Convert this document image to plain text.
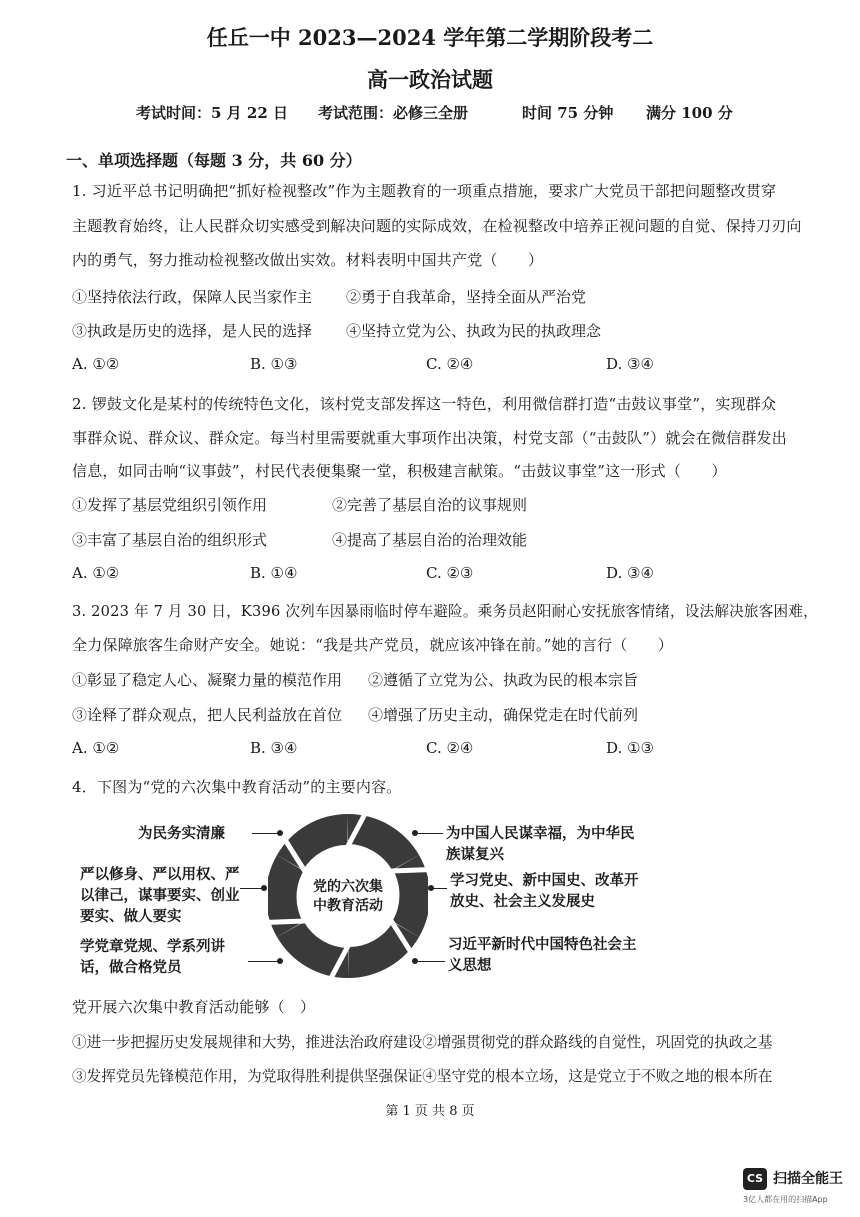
任丘一中 2023—2024 学年第二学期阶段考二
高一政治试题
考试时间：5 月 22 日 考试范围：必修三全册	时间 75 分钟 满分 100 分
一、单项选择题（每题 3 分，共 60 分）
1. 习近平总书记明确把“抓好检视整改”作为主题教育的一项重点措施，要求广大党员干部把问题整改贯穿
主题教育始终，让人民群众切实感受到解决问题的实际成效，在检视整改中培养正视问题的自觉、保持刀刃向
内的勇气，努力推动检视整改做出实效。材料表明中国共产党（　　）
①坚持依法行政，保障人民当家作主 ②勇于自我革命，坚持全面从严治党
③执政是历史的选择，是人民的选择 ④坚持立党为公、执政为民的执政理念
A. ①②	B. ①③	C. ②④	D. ③④
2. 锣鼓文化是某村的传统特色文化，该村党支部发挥这一特色，利用微信群打造“击鼓议事堂”，实现群众
事群众说、群众议、群众定。每当村里需要就重大事项作出决策，村党支部（“击鼓队”）就会在微信群发出
信息，如同击响“议事鼓”，村民代表便集聚一堂，积极建言献策。“击鼓议事堂”这一形式（　　）
①发挥了基层党组织引领作用	②完善了基层自治的议事规则
③丰富了基层自治的组织形式	④提高了基层自治的治理效能
A. ①②	B. ①④	C. ②③	D. ③④
3. 2023 年 7 月 30 日，K396 次列车因暴雨临时停车避险。乘务员赵阳耐心安抚旅客情绪，设法解决旅客困难，
全力保障旅客生命财产安全。她说：“我是共产党员，就应该冲锋在前。”她的言行（　　）
①彰显了稳定人心、凝聚力量的模范作用 ②遵循了立党为公、执政为民的根本宗旨
③诠释了群众观点，把人民利益放在首位 ④增强了历史主动，确保党走在时代前列
A. ①②	B. ③④	C. ②④	D. ①③
4．下图为“党的六次集中教育活动”的主要内容。
党的六次集
中教育活动
为民务实清廉
严以修身、严以用权、严以律己，谋事要实、创业要实、做人要实
学党章党规、学系列讲话，做合格党员
为中国人民谋幸福，为中华民族谋复兴
学习党史、新中国史、改革开放史、社会主义发展史
习近平新时代中国特色社会主义思想
党开展六次集中教育活动能够（　）
①进一步把握历史发展规律和大势，推进法治政府建设②增强贯彻党的群众路线的自觉性，巩固党的执政之基
③发挥党员先锋模范作用，为党取得胜利提供坚强保证④坚守党的根本立场，这是党立于不败之地的根本所在
第 1 页 共 8 页
CS 扫描全能王
3亿人都在用的扫描App
